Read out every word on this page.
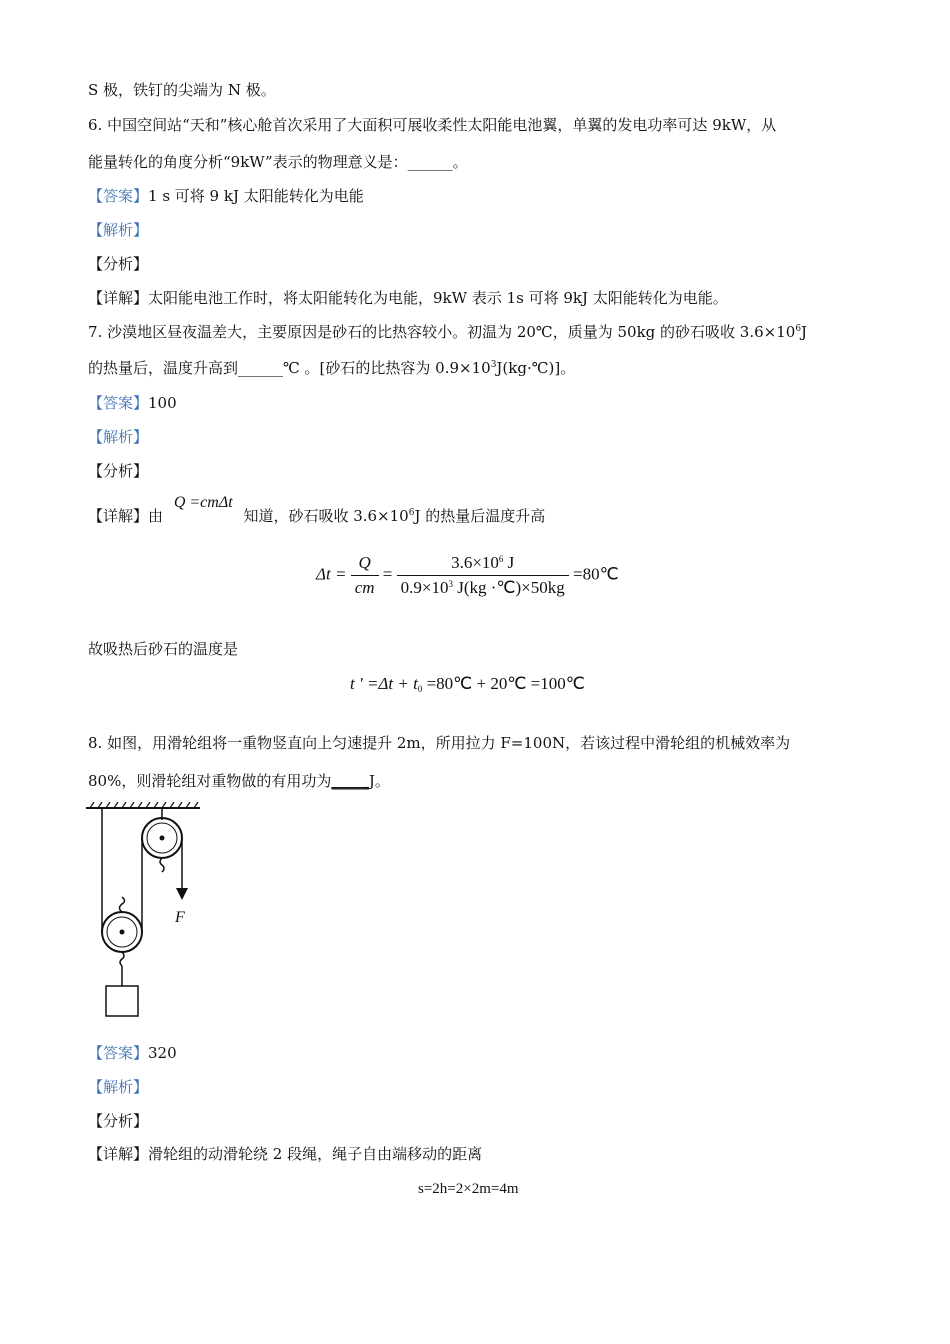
S 极，铁钉的尖端为 N 极。
6. 中国空间站“天和”核心舱首次采用了大面积可展收柔性太阳能电池翼，单翼的发电功率可达 9kW，从
能量转化的角度分析“9kW”表示的物理意义是：______。
【答案】1 s 可将 9 kJ 太阳能转化为电能
【解析】
【分析】
【详解】太阳能电池工作时，将太阳能转化为电能，9kW 表示 1s 可将 9kJ 太阳能转化为电能。
7. 沙漠地区昼夜温差大，主要原因是砂石的比热容较小。初温为 20℃，质量为 50kg 的砂石吸收 $3.6\times 10^6J$
的热量后，温度升高到______℃ 。[砂石的比热容为 $0.9\times 10^3J(kg\cdot℃)$]。
【答案】100
【解析】
【分析】
【详解】由 Q =cmΔt 知道，砂石吸收 $3.6\times 10^6J$ 的热量后温度升高
$\Delta t = \frac{Q}{cm} = \frac{3.6\times 10^6 J}{0.9\times 10^3 J(kg \cdot℃)\times 50kg}$ =80℃
故吸热后砂石的温度是
t ′ $=\Delta t + t_0$ =80℃ + 20℃ =100℃
8. 如图，用滑轮组将一重物竖直向上匀速提升 2m，所用拉力 F=100N，若该过程中滑轮组的机械效率为
80%，则滑轮组对重物做的有用功为_____J。
F
【答案】320
【解析】
【分析】
【详解】滑轮组的动滑轮绕 2 段绳，绳子自由端移动的距离
s=2h=2×2m=4m
